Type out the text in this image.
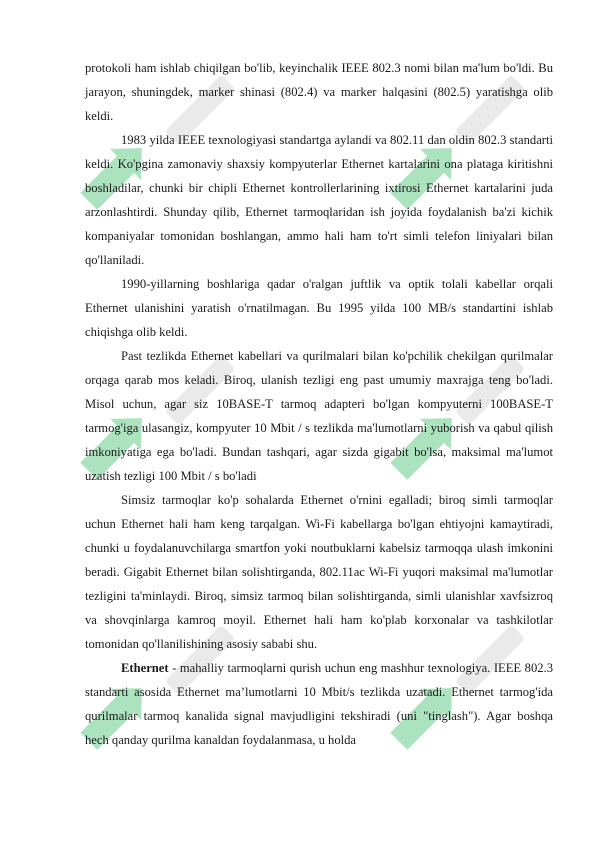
protokoli ham ishlab chiqilgan bo'lib, keyinchalik IEEE 802.3 nomi bilan ma'lum bo'ldi. Bu jarayon, shuningdek, marker shinasi (802.4) va marker halqasini (802.5) yaratishga olib keldi.

1983 yilda IEEE texnologiyasi standartga aylandi va 802.11 dan oldin 802.3 standarti keldi. Ko'pgina zamonaviy shaxsiy kompyuterlar Ethernet kartalarini ona plataga kiritishni boshladilar, chunki bir chipli Ethernet kontrollerlarining ixtirosi Ethernet kartalarini juda arzonlashtirdi. Shunday qilib, Ethernet tarmoqlaridan ish joyida foydalanish ba'zi kichik kompaniyalar tomonidan boshlangan, ammo hali ham to'rt simli telefon liniyalari bilan qo'llaniladi.

1990-yillarning boshlariga qadar o'ralgan juftlik va optik tolali kabellar orqali Ethernet ulanishini yaratish o'rnatilmagan. Bu 1995 yilda 100 MB/s standartini ishlab chiqishga olib keldi.

Past tezlikda Ethernet kabellari va qurilmalari bilan ko'pchilik chekilgan qurilmalar orqaga qarab mos keladi. Biroq, ulanish tezligi eng past umumiy maxrajga teng bo'ladi. Misol uchun, agar siz 10BASE-T tarmoq adapteri bo'lgan kompyuterni 100BASE-T tarmog'iga ulasangiz, kompyuter 10 Mbit / s tezlikda ma'lumotlarni yuborish va qabul qilish imkoniyatiga ega bo'ladi. Bundan tashqari, agar sizda gigabit bo'lsa, maksimal ma'lumot uzatish tezligi 100 Mbit / s bo'ladi

Simsiz tarmoqlar ko'p sohalarda Ethernet o'rnini egalladi; biroq simli tarmoqlar uchun Ethernet hali ham keng tarqalgan. Wi-Fi kabellarga bo'lgan ehtiyojni kamaytiradi, chunki u foydalanuvchilarga smartfon yoki noutbuklarni kabelsiz tarmoqqa ulash imkonini beradi. Gigabit Ethernet bilan solishtirganda, 802.11ac Wi-Fi yuqori maksimal ma'lumotlar tezligini ta'minlaydi. Biroq, simsiz tarmoq bilan solishtirganda, simli ulanishlar xavfsizroq va shovqinlarga kamroq moyil. Ethernet hali ham ko'plab korxonalar va tashkilotlar tomonidan qo'llanilishining asosiy sababi shu.

Ethernet - mahalliy tarmoqlarni qurish uchun eng mashhur texnologiya. IEEE 802.3 standarti asosida Ethernet ma’lumotlarni 10 Mbit/s tezlikda uzatadi. Ethernet tarmog'ida qurilmalar tarmoq kanalida signal mavjudligini tekshiradi (uni "tinglash"). Agar boshqa hech qanday qurilma kanaldan foydalanmasa, u holda
